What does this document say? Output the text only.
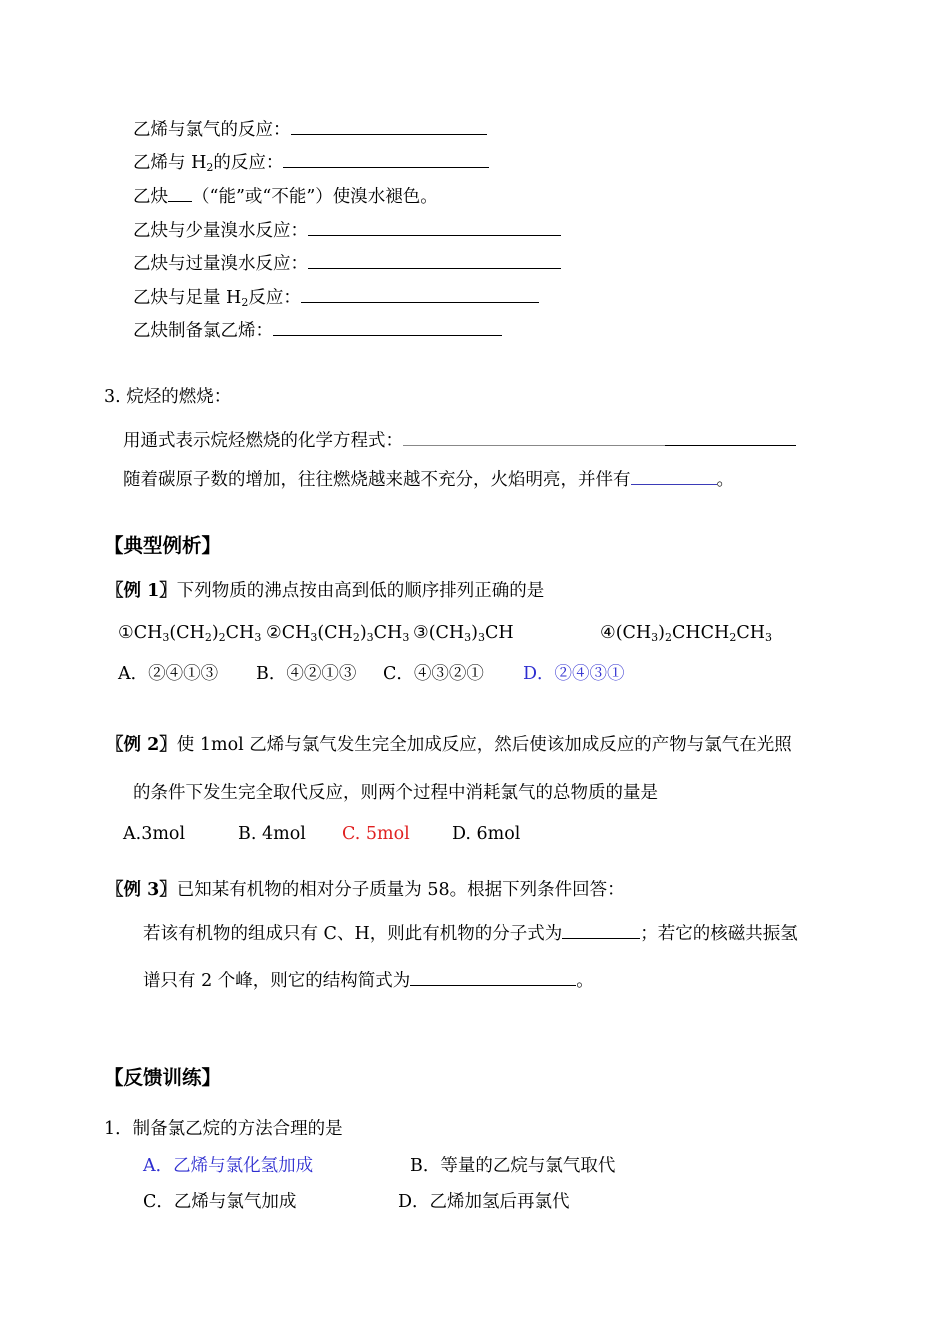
乙烯与氯气的反应：
乙烯与 $H_2$的反应：
乙炔 （“能”或“不能”）使溴水褪色。
乙炔与少量溴水反应：
乙炔与过量溴水反应：
乙炔与足量 $H_2$反应：
乙炔制备氯乙烯：
3. 烷烃的燃烧：
用通式表示烷烃燃烧的化学方程式：
随着碳原子数的增加，往往燃烧越来越不充分，火焰明亮，并伴有	。
【典型例析】
〖例 1〗下列物质的沸点按由高到低的顺序排列正确的是
$①CH_3(CH_2)_2CH_3$ $②CH_3(CH_2)_3CH_3$ $③(CH_3)_3CH$	$④(CH_3)_2CHCH_2CH_3$
A．②④①③ B．④②①③ C．④③②① D．②④③①
〖例 2〗使 1mol 乙烯与氯气发生完全加成反应，然后使该加成反应的产物与氯气在光照
的条件下发生完全取代反应，则两个过程中消耗氯气的总物质的量是
A.3mol	B. 4mol C. 5mol D. 6mol
〖例 3〗已知某有机物的相对分子质量为 58。根据下列条件回答：
若该有机物的组成只有 C、H，则此有机物的分子式为	；若它的核磁共振氢
谱只有 2 个峰，则它的结构简式为	。
【反馈训练】
1．制备氯乙烷的方法合理的是
A．乙烯与氯化氢加成	B．等量的乙烷与氯气取代
C．乙烯与氯气加成	D．乙烯加氢后再氯代
